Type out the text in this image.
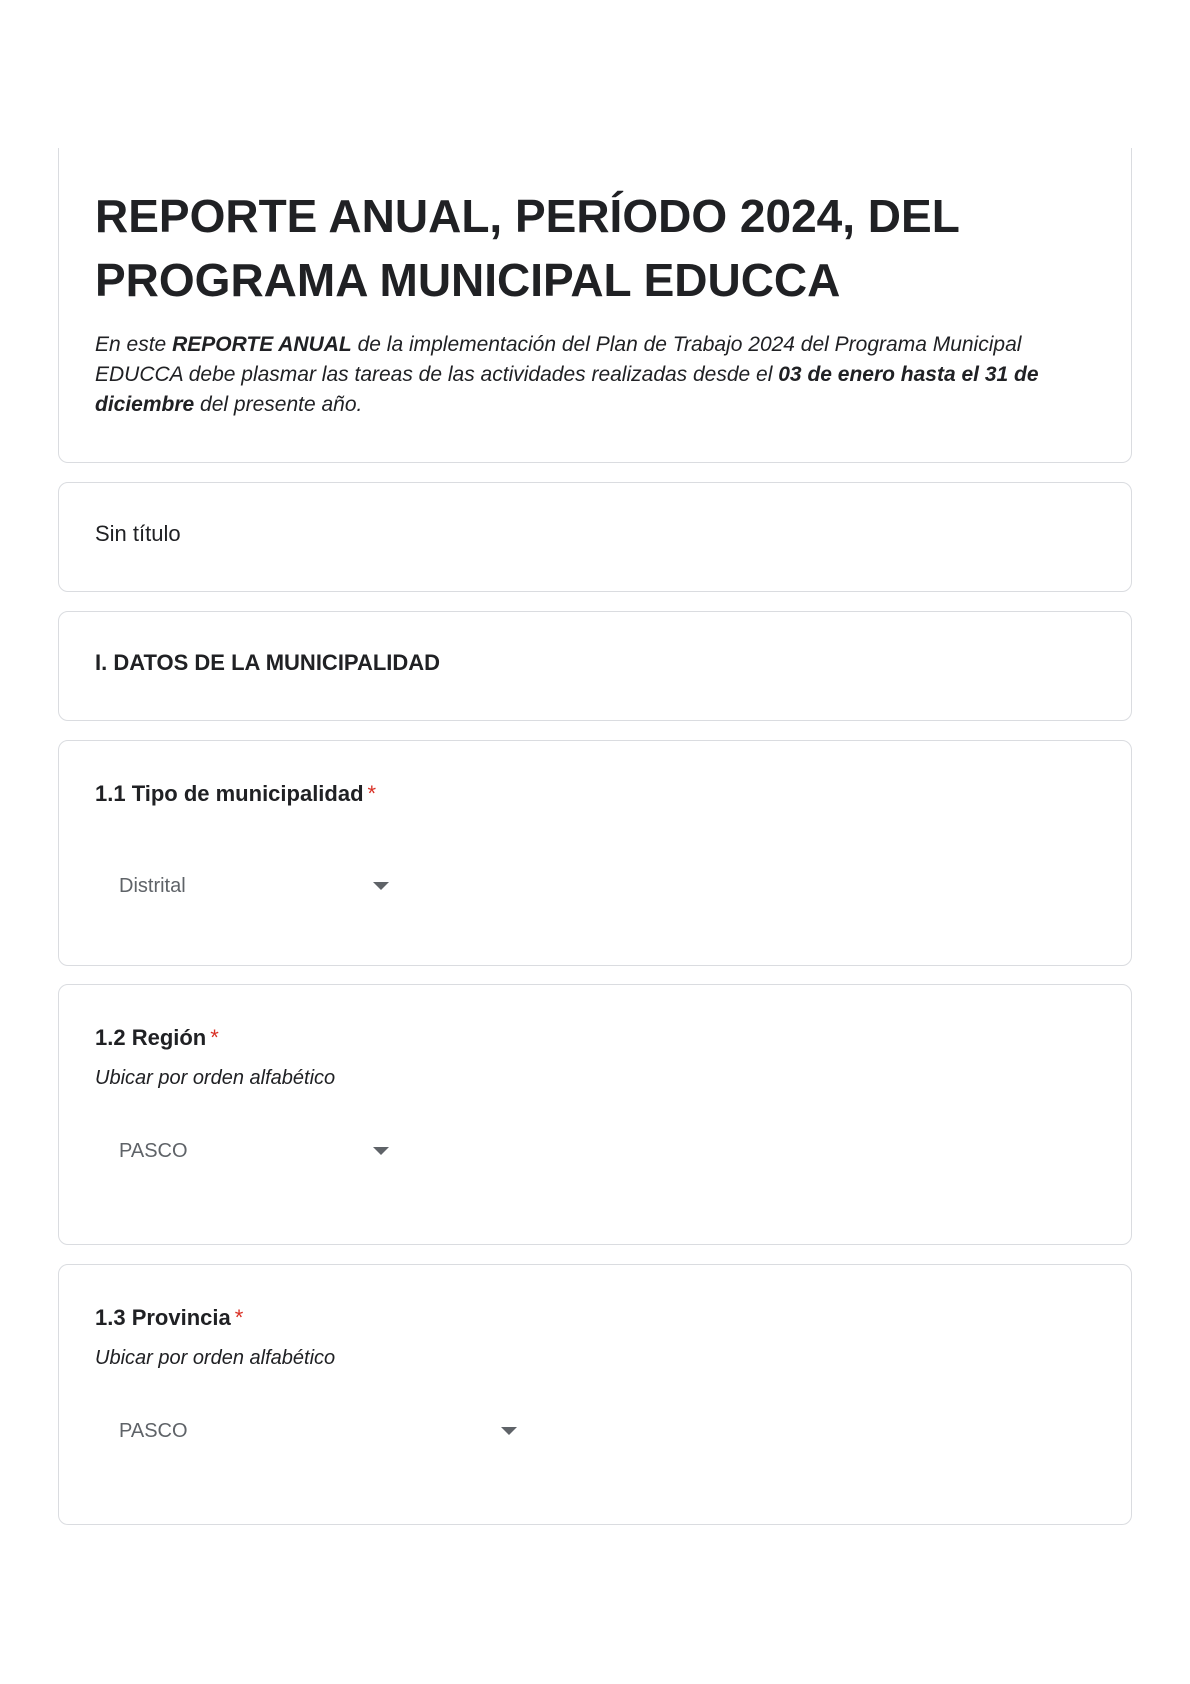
REPORTE ANUAL, PERÍODO 2024, DEL PROGRAMA MUNICIPAL EDUCCA

En este REPORTE ANUAL de la implementación del Plan de Trabajo 2024 del Programa Municipal EDUCCA debe plasmar las tareas de las actividades realizadas desde el 03 de enero hasta el 31 de diciembre del presente año.

Sin título
I. DATOS DE LA MUNICIPALIDAD
1.1 Tipo de municipalidad *
Distrital
1.2 Región *
Ubicar por orden alfabético
PASCO
1.3 Provincia *
Ubicar por orden alfabético
PASCO
